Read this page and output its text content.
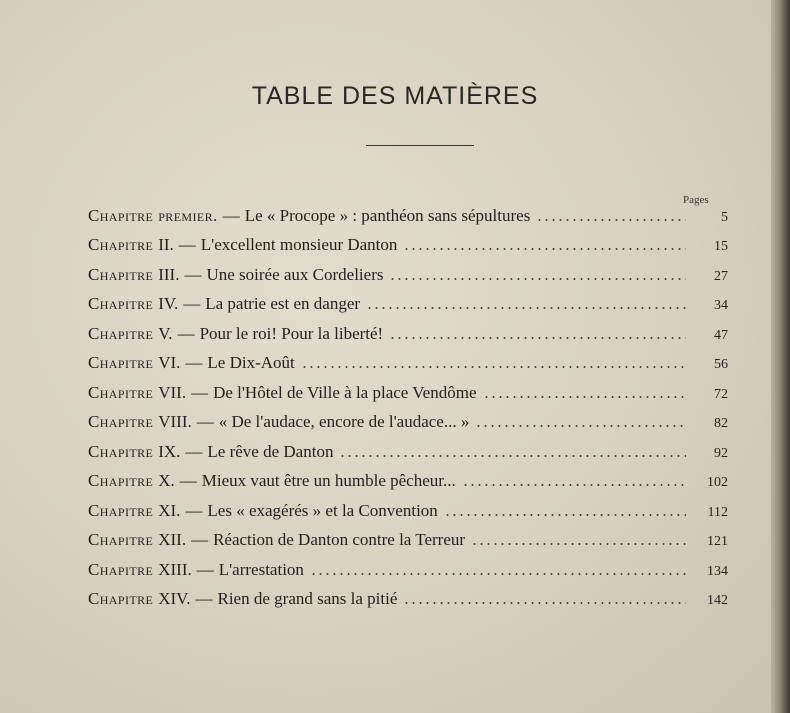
TABLE DES MATIÈRES
Pages
Chapitre premier. — Le « Procope » : panthéon sans sépultures	5
Chapitre II. — L'excellent monsieur Danton	15
Chapitre III. — Une soirée aux Cordeliers	27
Chapitre IV. — La patrie est en danger	34
Chapitre V. — Pour le roi! Pour la liberté!	47
Chapitre VI. — Le Dix-Août	56
Chapitre VII. — De l'Hôtel de Ville à la place Vendôme	72
Chapitre VIII. — « De l'audace, encore de l'audace... »	82
Chapitre IX. — Le rêve de Danton	92
Chapitre X. — Mieux vaut être un humble pêcheur...	102
Chapitre XI. — Les « exagérés » et la Convention	112
Chapitre XII. — Réaction de Danton contre la Terreur	121
Chapitre XIII. — L'arrestation	134
Chapitre XIV. — Rien de grand sans la pitié	142
